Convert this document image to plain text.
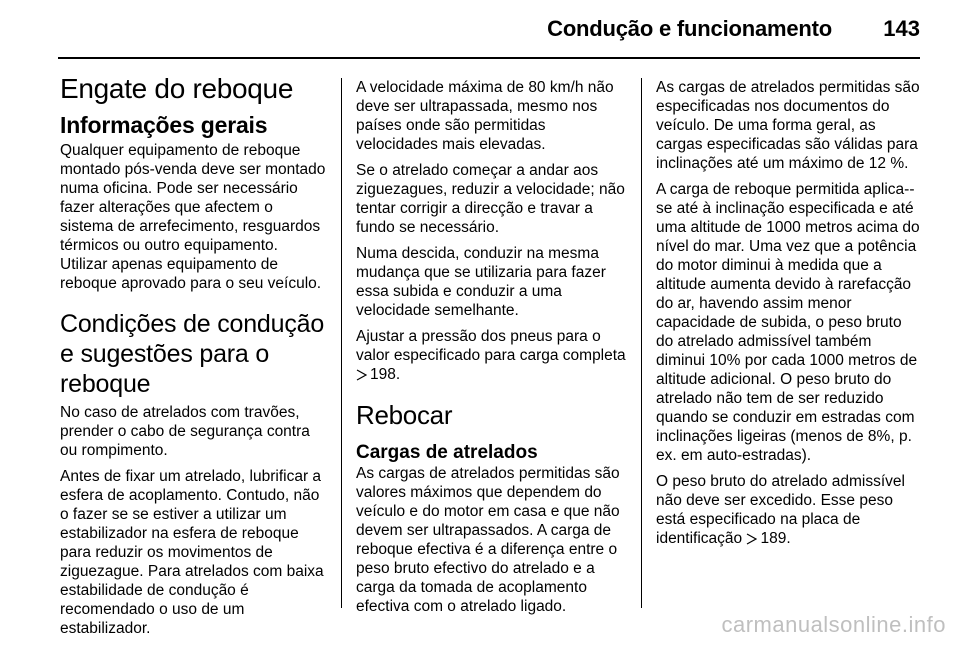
Condução e funcionamento 143
Engate do reboque
Informações gerais

Qualquer equipamento de reboque montado pós-venda deve ser montado numa oficina. Pode ser necessário fazer alterações que afectem o sistema de arrefecimento, resguardos térmicos ou outro equipamento. Utilizar apenas equipamento de reboque aprovado para o seu veículo.

Condições de condução e sugestões para o reboque

No caso de atrelados com travões, prender o cabo de segurança contra ou rompimento.

Antes de fixar um atrelado, lubrificar a esfera de acoplamento. Contudo, não o fazer se se estiver a utilizar um estabilizador na esfera de reboque para reduzir os movimentos de ziguezague. Para atrelados com baixa estabilidade de condução é recomendado o uso de um estabilizador.

A velocidade máxima de 80 km/h não deve ser ultrapassada, mesmo nos países onde são permitidas velocidades mais elevadas.

Se o atrelado começar a andar aos ziguezagues, reduzir a velocidade; não tentar corrigir a direcção e travar a fundo se necessário.

Numa descida, conduzir na mesma mudança que se utilizaria para fazer essa subida e conduzir a uma velocidade semelhante.

Ajustar a pressão dos pneus para o valor especificado para carga completa
198.

Rebocar
Cargas de atrelados

As cargas de atrelados permitidas são valores máximos que dependem do veículo e do motor em casa e que não devem ser ultrapassados. A carga de reboque efectiva é a diferença entre o peso bruto efectivo do atrelado e a carga da tomada de acoplamento efectiva com o atrelado ligado.

As cargas de atrelados permitidas são especificadas nos documentos do veículo. De uma forma geral, as cargas especificadas são válidas para inclinações até um máximo de 12 %.

A carga de reboque permitida aplica--se até à inclinação especificada e até uma altitude de 1000 metros acima do nível do mar. Uma vez que a potência do motor diminui à medida que a altitude aumenta devido à rarefacção do ar, havendo assim menor capacidade de subida, o peso bruto do atrelado admissível também diminui 10% por cada 1000 metros de altitude adicional. O peso bruto do atrelado não tem de ser reduzido quando se conduzir em estradas com inclinações ligeiras (menos de 8%, p. ex. em auto-estradas).

O peso bruto do atrelado admissível não deve ser excedido. Esse peso está especificado na placa de identificação 189.

carmanualsonline.info
